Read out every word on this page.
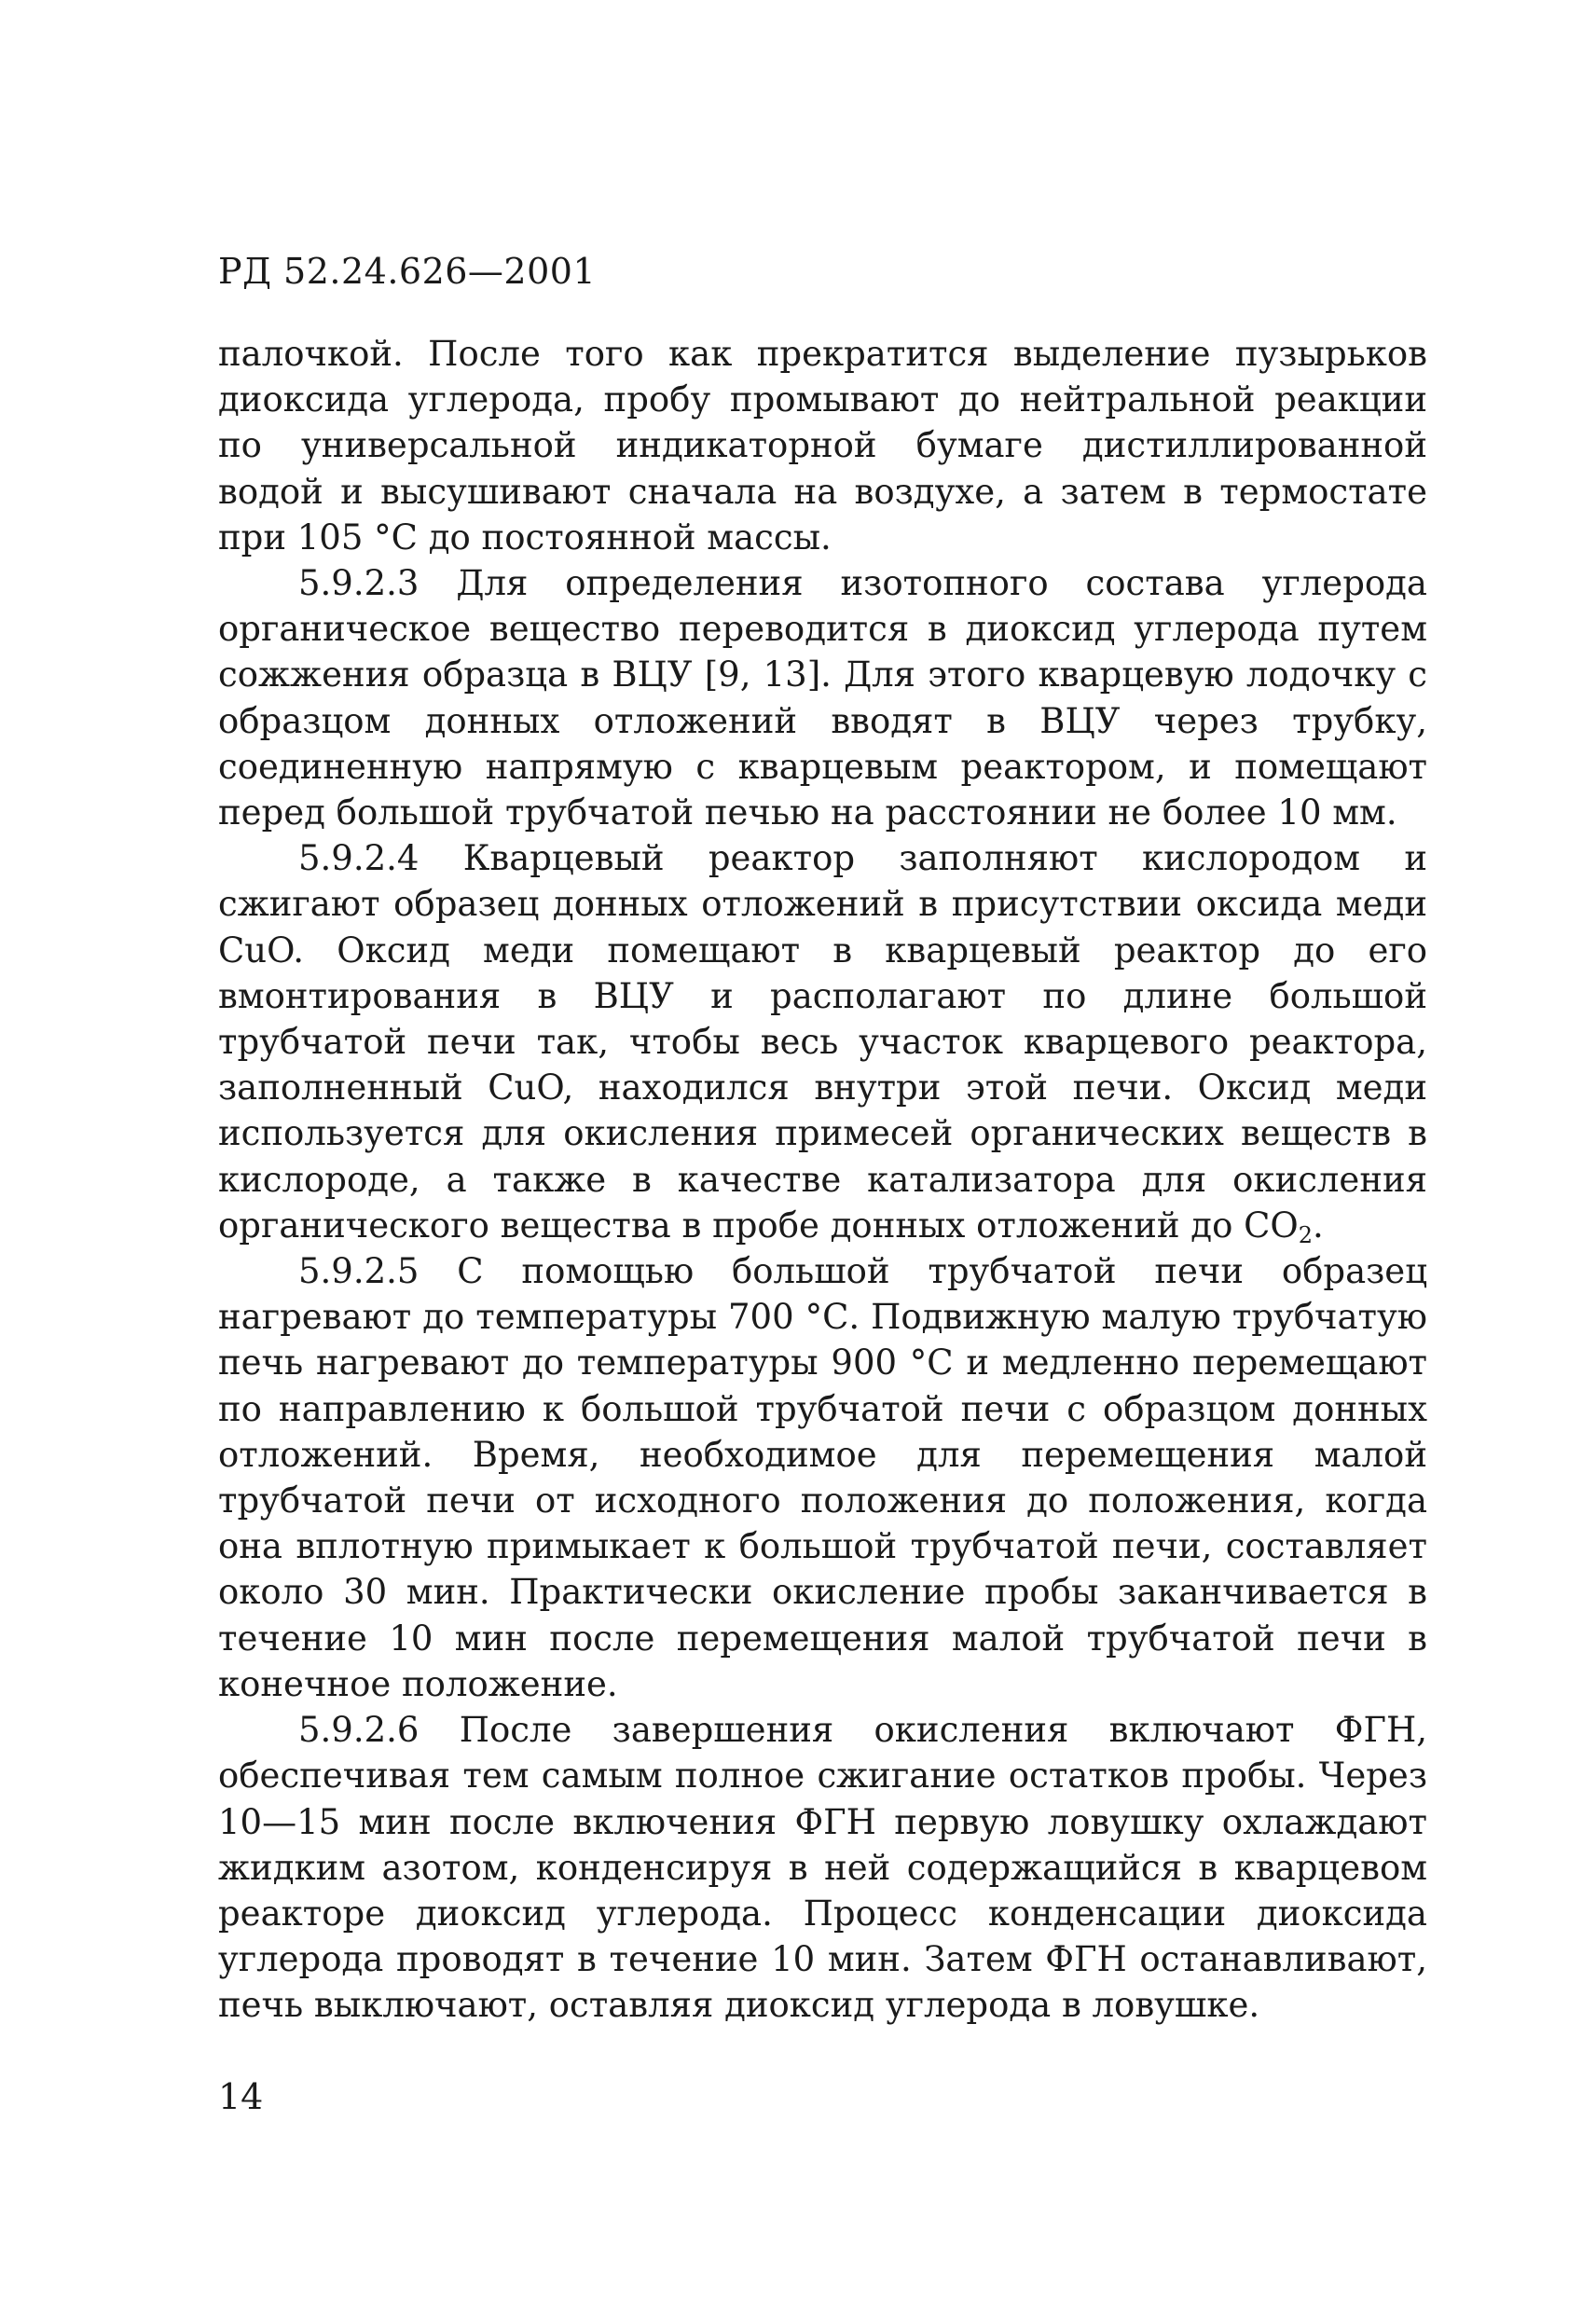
РД 52.24.626—2001

палочкой. После того как прекратится выделение пузырьков диоксида углерода, пробу промывают до нейтральной реакции по универсальной индикаторной бумаге дистиллированной водой и высушивают сначала на воздухе, а затем в термостате при 105 °С до постоянной массы.

5.9.2.3 Для определения изотопного состава углерода органическое вещество переводится в диоксид углерода путем сожжения образца в ВЦУ [9, 13]. Для этого кварцевую лодочку с образцом донных отложений вводят в ВЦУ через трубку, соединенную напрямую с кварцевым реактором, и помещают перед большой трубчатой печью на расстоянии не более 10 мм.

5.9.2.4 Кварцевый реактор заполняют кислородом и сжигают образец донных отложений в присутствии оксида меди CuO. Оксид меди помещают в кварцевый реактор до его вмонтирования в ВЦУ и располагают по длине большой трубчатой печи так, чтобы весь участок кварцевого реактора, заполненный CuO, находился внутри этой печи. Оксид меди используется для окисления примесей органических веществ в кислороде, а также в качестве катализатора для окисления органического вещества в пробе донных отложений до $CO_2$.

5.9.2.5 С помощью большой трубчатой печи образец нагревают до температуры 700 °С. Подвижную малую трубчатую печь нагревают до температуры 900 °С и медленно перемещают по направлению к большой трубчатой печи с образцом донных отложений. Время, необходимое для перемещения малой трубчатой печи от исходного положения до положения, когда она вплотную примыкает к большой трубчатой печи, составляет около 30 мин. Практически окисление пробы заканчивается в течение 10 мин после перемещения малой трубчатой печи в конечное положение.

5.9.2.6 После завершения окисления включают ФГН, обеспечивая тем самым полное сжигание остатков пробы. Через 10—15 мин после включения ФГН первую ловушку охлаждают жидким азотом, конденсируя в ней содержащийся в кварцевом реакторе диоксид углерода. Процесс конденсации диоксида углерода проводят в течение 10 мин. Затем ФГН останавливают, печь выключают, оставляя диоксид углерода в ловушке.

14
